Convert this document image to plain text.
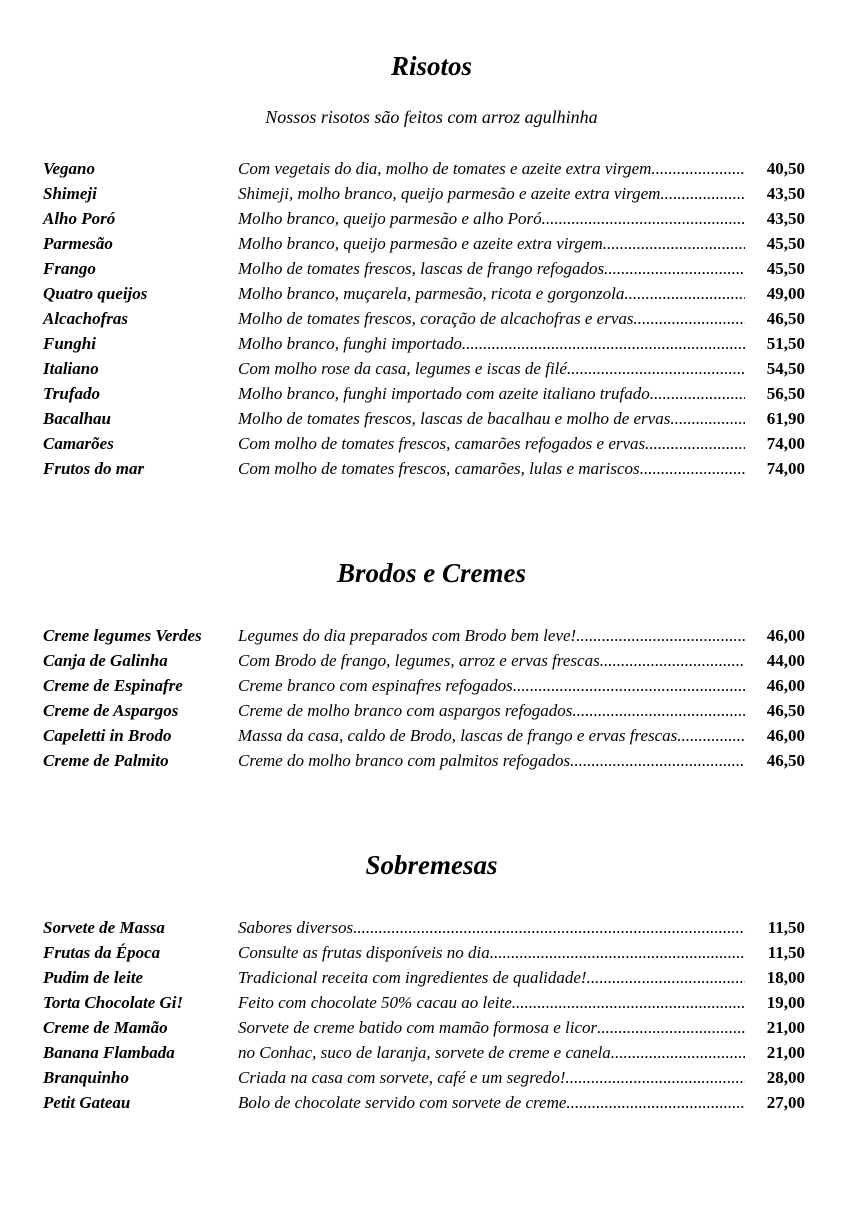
Risotos
Nossos risotos são feitos com arroz agulhinha
Vegano	Com vegetais do dia, molho de tomates e azeite extra virgem .....	40,50
Shimeji	Shimeji, molho branco, queijo parmesão e azeite extra virgem .....	43,50
Alho Poró	Molho branco, queijo parmesão e alho Poró .....	43,50
Parmesão	Molho branco, queijo parmesão e azeite extra virgem .....	45,50
Frango	Molho de tomates frescos, lascas de frango refogados .....	45,50
Quatro queijos	Molho branco, muçarela, parmesão, ricota e gorgonzola .....	49,00
Alcachofras	Molho de tomates frescos, coração de alcachofras e ervas .....	46,50
Funghi	Molho branco, funghi importado .....	51,50
Italiano	Com molho rose da casa, legumes e iscas de filé .....	54,50
Trufado	Molho branco, funghi importado com azeite italiano trufado .....	56,50
Bacalhau	Molho de tomates frescos, lascas de bacalhau e molho de ervas .....	61,90
Camarões	Com molho de tomates frescos, camarões refogados e ervas .....	74,00
Frutos do mar	Com molho de tomates frescos, camarões, lulas e mariscos .....	74,00
Brodos e Cremes
Creme legumes Verdes	Legumes do dia preparados com Brodo bem leve! .....	46,00
Canja de Galinha	Com Brodo de frango, legumes, arroz e ervas frescas .....	44,00
Creme de Espinafre	Creme branco com espinafres refogados .....	46,00
Creme de Aspargos	Creme de molho branco com aspargos refogados .....	46,50
Capeletti in Brodo	Massa da casa, caldo de Brodo, lascas de frango e ervas frescas .....	46,00
Creme de Palmito	Creme do molho branco com palmitos refogados .....	46,50
Sobremesas
Sorvete de Massa	Sabores diversos .....	11,50
Frutas da Época	Consulte as frutas disponíveis no dia .....	11,50
Pudim de leite	Tradicional receita com ingredientes de qualidade! .....	18,00
Torta Chocolate Gi!	Feito com chocolate 50% cacau ao leite .....	19,00
Creme de Mamão	Sorvete de creme batido com mamão formosa e licor .....	21,00
Banana Flambada	no Conhac, suco de laranja, sorvete de creme e canela .....	21,00
Branquinho	Criada na casa com sorvete, café e um segredo! .....	28,00
Petit Gateau	Bolo de chocolate servido com sorvete de creme .....	27,00
